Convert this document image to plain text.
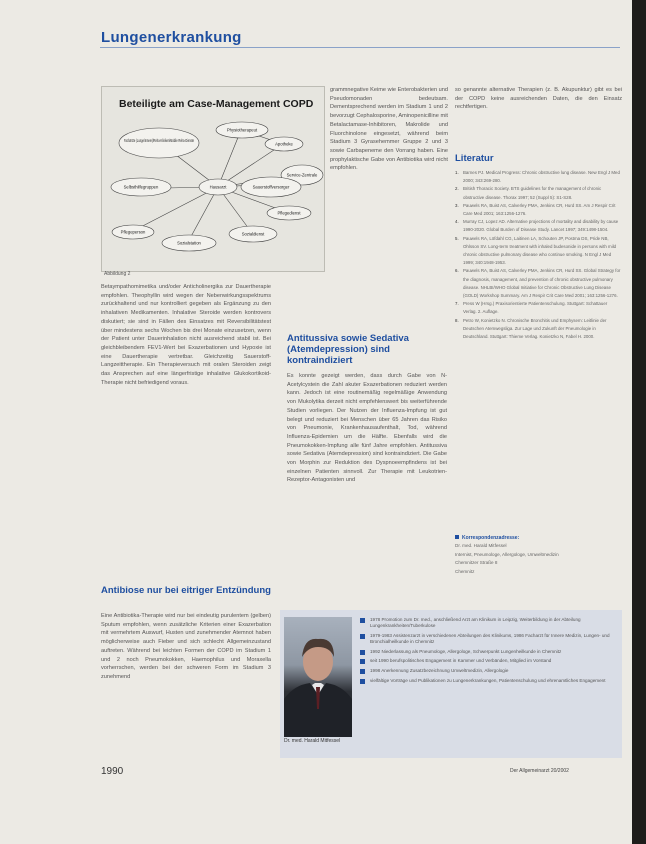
Lungenerkrankung
Beteiligte am Case-Management COPD
Fachärzte (Lunge/Innere)/Reha-Kliniken/Mobile Reha-Dienste
Physiotherapeut
Apotheke
Service-Zentrale
Selbsthilfegruppen	Hausarzt	Sauerstoffversorger
Pflegedienst
Pflegeperson
Sozialstation
Sozialdienst
Abbildung 2

Betaympathomimetika und/oder Anticholinergika zur Dauertherapie empfohlen. Theophyllin wird wegen der Nebenwirkungsspektrums zurückhaltend und nur kontrolliert gegeben als Ergänzung zu den inhalativen Medikamenten. Inhalative Steroide werden kontrovers diskutiert; sie sind in Fällen des Einsatzes mit Reversibilitätstest über mindestens sechs Wochen bis drei Monate einzusetzen, wenn der Patient unter Dauerinhalation nicht ausreichend stabil ist. Bei gleichbleibendem FEV1-Wert bei Exazerbationen und Hypoxie ist eine Dauertherapie vertretbar. Gleichzeitig Sauerstoff-Langzeittherapie. Ein Therapieversuch mit oralen Steroiden zeigt das Ansprechen auf eine längerfristige inhalative Glukokortikoid-Therapie nicht befriedigend voraus.

Antibiose nur bei eitriger Entzündung

Eine Antibiotika-Therapie wird nur bei eindeutig purulentem (gelben) Sputum empfohlen, wenn zusätzliche Kriterien einer Exazerbation mit vermehrtem Auswurf, Husten und zunehmender Atemnot haben möglicherweise auch Fieber und sich schlecht Allgemeinzustand auftreten. Während bei leichten Formen der COPD im Stadium 1 und 2 noch Pneumokokken, Haemophilus und Moraxella vorherrschen, werden bei der schweren Form im Stadium 3 zunehmend

grammnegative Keime wie Enterobakterien und Pseudomonaden bedeutsam. Dementsprechend werden im Stadium 1 und 2 bevorzugt Cephalosporine, Aminopenicilline mit Betalactamase-Inhibitoren, Makrolide und Fluorchinolone eingesetzt, während beim Stadium 3 Gyrasehemmer Gruppe 2 und 3 sowie Carbapeneme den Vorrang haben. Eine prophylaktische Gabe von Antibiotika wird nicht empfohlen.

Antitussiva sowie Sedativa (Atemdepression) sind kontraindiziert

Es konnte gezeigt werden, dass durch Gabe von N-Acetylcystein die Zahl akuter Exazerbationen reduziert werden kann. Jedoch ist eine routinemäßig regelmäßige Anwendung von Mukolytika derzeit nicht empfehlenswert bis weiterführende Studien vorliegen. Der Nutzen der Influenza-Impfung ist gut belegt und reduziert bei Menschen über 65 Jahren das Risiko von Pneumonie, Krankenhausaufenthalt, Tod, während Influenza-Epidemien um die Hälfte. Ebenfalls wird die Pneumokokken-Impfung alle fünf Jahre empfohlen. Antitussiva sowie Sedativa (Atemdepression) sind kontraindiziert. Die Gabe von Morphin zur Reduktion des Dyspnoeempfindens ist bei einzelnen Patienten sinnvoll. Zur Therapie mit Leukotrien-Rezeptor-Antagonisten und

so genannte alternative Therapien (z. B. Akupunktur) gibt es bei der COPD keine ausreichenden Daten, die den Einsatz rechtfertigen.

Literatur
1. Barnes PJ. Medical Progress: Chronic obstructive lung disease. New Engl J Med 2000; 343:269-280.
2. British Thoracic Society. BTS guidelines for the management of chronic obstructive disease. Thorax 1997; 52 (Suppl 5): S1-S28.
3. Pauwels RA, Buist AS, Calverley PMA, Jenkins CR, Hurd SS. Am J Respir Crit Care Med 2001; 163:1256-1276.
4. Murray CJ, Lopez AD. Alternative projections of mortality and disability by cause 1990-2020. Global Burden of Disease Study. Lancet 1997; 349:1498-1504.
5. Pauwels RA, Löfdahl CG, Laitinen LA, Schouten JP, Postma DS, Pride NB, Ohlsson SV. Long-term treatment with inhaled budesonide in persons with mild chronic obstructive pulmonary disease who continue smoking. N Engl J Med 1999; 340:1948-1953.
6. Pauwels RA, Buist AS, Calverley PMA, Jenkins CR, Hurd SS. Global Strategy for the diagnosis, management, and prevention of chronic obstructive pulmonary disease. NHLBI/WHO Global Initiative for Chronic Obstructive Lung Disease (GOLD) Workshop Summary. Am J Respir Crit Care Med 2001; 163:1256-1276.
7. Press W (Hrsg.) Praxisorientierte Patientenschulung. Stuttgart: Schattauer Verlag. 2. Auflage.
8. Petro W, Konietzko N. Chronische Bronchitis und Emphysem: Leitlinie der Deutschen Atemwegsliga. Zur Lage und Zukunft der Pneumologie in Deutschland. Stuttgart: Thieme Verlag. Konietzko N, Fabel H. 2000.
Korrespondenzadresse:
Dr. med. Harald Mitfessel
Internist, Pneumologe, Allergologe, Umweltmedizin
Chemnitzer Straße 8
Chemnitz
Dr. med. Harald Mitfessel
1978 Promotion zum Dr. med., anschließend Arzt am Klinikum in Leipzig, Weiterbildung in der Abteilung Lungenkrankheiten/Tuberkulose
1979-1983 Assistenzarzt in verschiedenen Abteilungen des Klinikums, 1986 Facharzt für Innere Medizin, Lungen- und Bronchialheilkunde in Chemnitz
1992 Niederlassung als Pneumologe, Allergologe, Schwerpunkt Lungenheilkunde in Chemnitz
seit 1990 berufspolitisches Engagement in Kammer und Verbänden, Mitglied im Vorstand
1998 Anerkennung Zusatzbezeichnung Umweltmedizin, Allergologie
vielfältige Vorträge und Publikationen zu Lungenerkrankungen, Patientenschulung und ehrenamtliches Engagement
1990	Der Allgemeinarzt 20/2002
